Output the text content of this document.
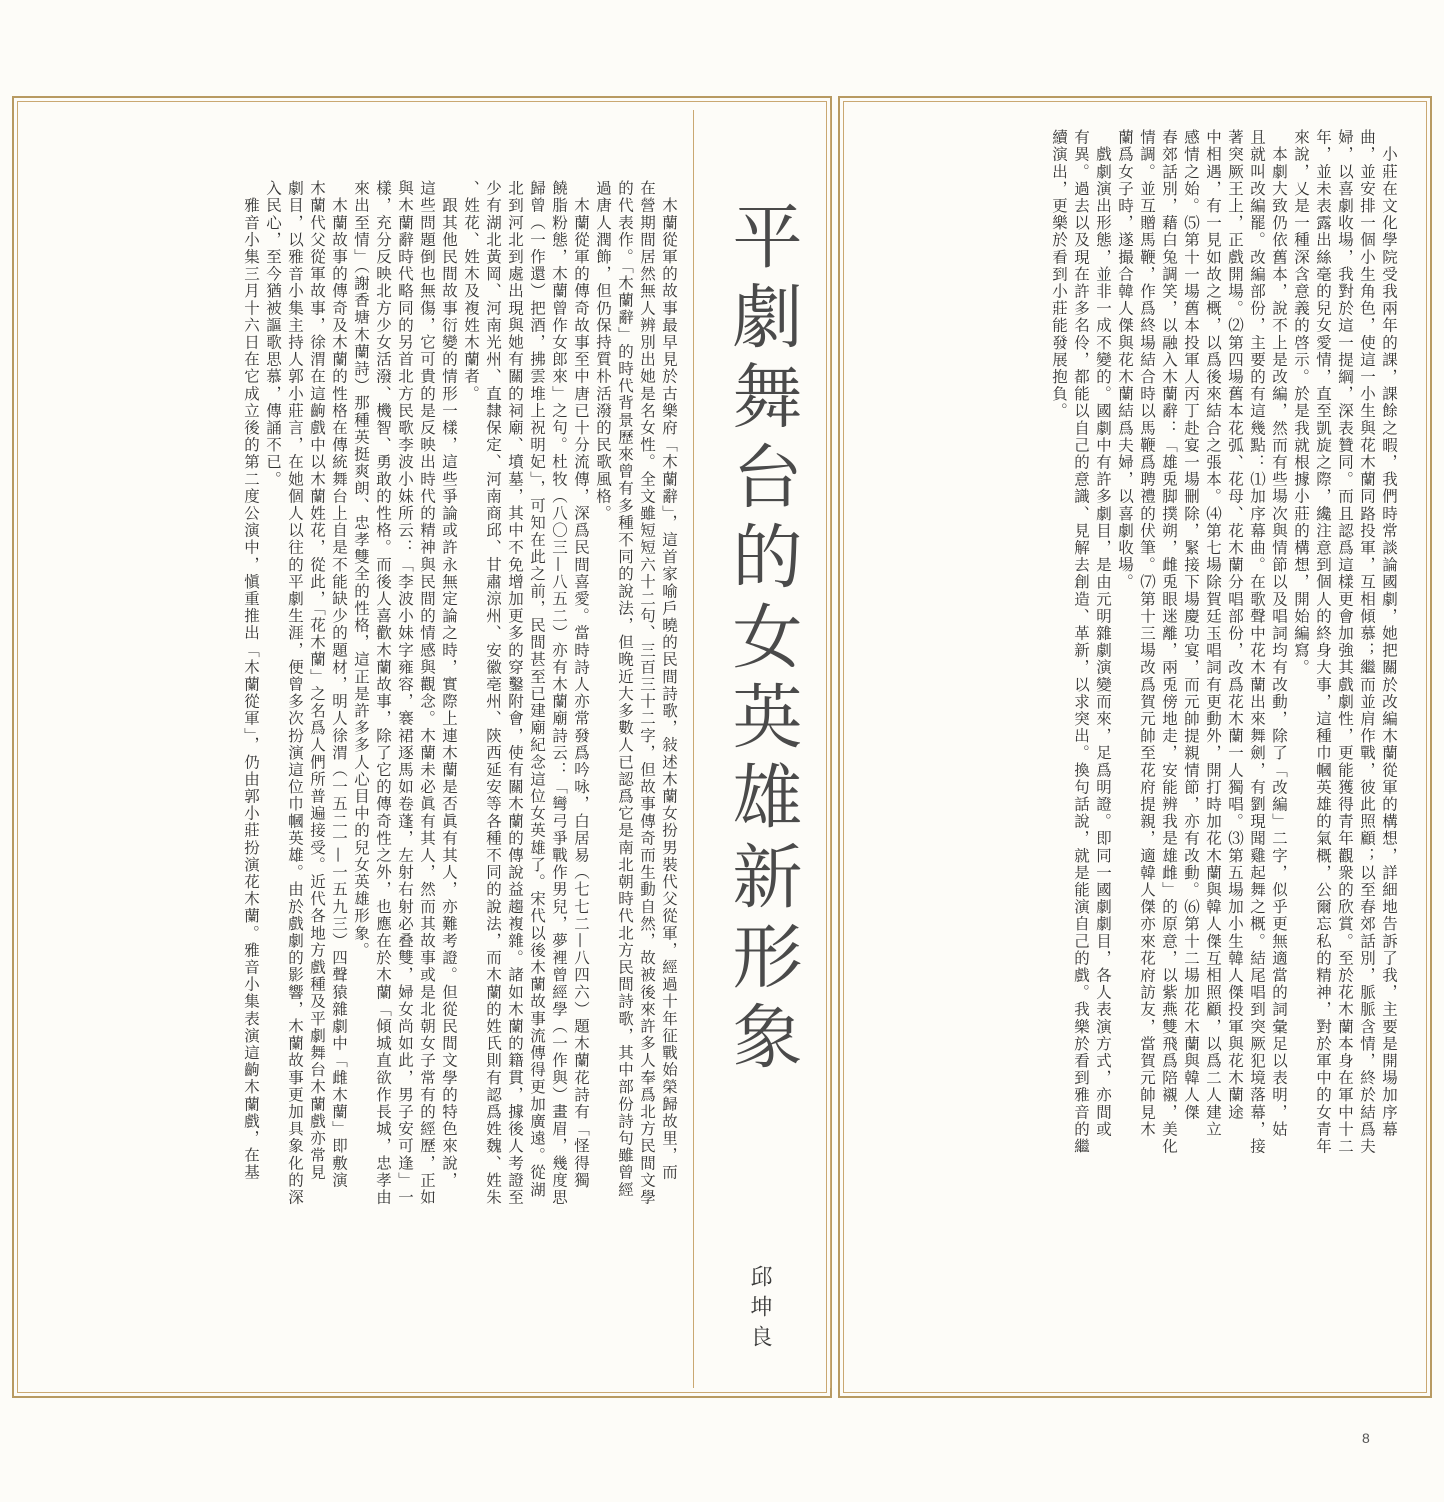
平劇舞台的女英雄新形象
邱坤良
　小莊在文化學院受我兩年的課，課餘之暇，我們時常談論國劇，她把關於改編木蘭從軍的構想，詳細地告訴了我，主要是開場加序幕
曲，並安排一個小生角色，使這一小生與花木蘭同路投軍，互相傾慕；繼而並肩作戰，彼此照顧；以至春郊話別，脈脈含情，終於結爲夫
婦，以喜劇收場，我對於這一提綱，深表贊同。而且認爲這樣更會加強其戲劇性，更能獲得青年觀衆的欣賞。至於花木蘭本身在軍中十二
年，並未表露出絲毫的兒女愛情，直至凱旋之際，纔注意到個人的終身大事，這種巾幗英雄的氣概，公爾忘私的精神，對於軍中的女青年
來說，乂是一種深含意義的啓示。於是我就根據小莊的構想，開始編寫。
　本劇大致仍依舊本，說不上是改編，然而有些場次與情節以及唱詞均有改動，除了「改編」二字，似乎更無適當的詞彙足以表明，姑
且就叫改編罷。改編部份，主要的有這幾點：⑴加序幕曲。在歌聲中花木蘭出來舞劍，有劉現聞雞起舞之概。結尾唱到突厥犯境落幕，接
著突厥王上，正戲開場。⑵第四場舊本花弧、花母、花木蘭分唱部份，改爲花木蘭一人獨唱。⑶第五場加小生韓人傑投軍與花木蘭途
中相遇，有一見如故之概，以爲後來結合之張本。⑷第七場除賀廷玉唱詞有更動外，開打時加花木蘭與韓人傑互相照顧，以爲二人建立
感情之始。⑸第十一場舊本投軍人丙丁赴宴一場刪除，緊接下場慶功宴，而元帥提親情節，亦有改動。⑹第十二場加花木蘭與韓人傑
春郊話別，藉白兔調笑，以融入木蘭辭：「雄兎脚撲朔，雌兎眼迷離，兩兎傍地走，安能辨我是雄雌」的原意，以紫燕雙飛爲陪襯，美化
情調。並互贈馬鞭，作爲終場結合時以馬鞭爲聘禮的伏筆。⑺第十三場改爲賀元帥至花府提親，適韓人傑亦來花府訪友，當賀元帥見木
蘭爲女子時，遂撮合韓人傑與花木蘭結爲夫婦，以喜劇收場。
　戲劇演出形態，並非一成不變的。國劇中有許多劇目，是由元明雜劇演變而來，足爲明證。即同一國劇劇目，各人表演方式，亦間或
有異。過去以及現在許多名伶，都能以自己的意識、見解去創造、革新，以求突出。換句話說，就是能演自己的戲。我樂於看到雅音的繼
續演出，更樂於看到小莊能發展抱負。
　木蘭從軍的故事最早見於古樂府「木蘭辭」，這首家喻戶曉的民間詩歌，敍述木蘭女扮男裝代父從軍，經過十年征戰始榮歸故里，而
在營期間居然無人辨別出她是名女性。全文雖短短六十二句、三百三十二字，但故事傳奇而生動自然，故被後來許多人奉爲北方民間文學
的代表作。「木蘭辭」的時代背景歷來曾有多種不同的說法，但晚近大多數人已認爲它是南北朝時代北方民間詩歌，其中部份詩句雖曾經
過唐人潤飾，但仍保持質朴活潑的民歌風格。
　木蘭從軍的傳奇故事至中唐已十分流傳，深爲民間喜愛。當時詩人亦常發爲吟咏，白居易（七七二—八四六）題木蘭花詩有「怪得獨
饒脂粉態，木蘭曾作女郎來」之句。杜牧（八〇三—八五二）亦有木蘭廟詩云：「彎弓爭戰作男兒，夢裡曾經學（一作與）畫眉，幾度思
歸曾（一作還）把酒，拂雲堆上祝明妃」，可知在此之前，民間甚至已建廟紀念這位女英雄了。宋代以後木蘭故事流傳得更加廣遠。從湖
北到河北到處出現與她有關的祠廟、墳墓，其中不免增加更多的穿鑿附會，使有關木蘭的傳說益趨複雜。諸如木蘭的籍貫，據後人考證至
少有湖北黃岡、河南光州、直隸保定、河南商邱、甘肅涼州、安徽亳州、陝西延安等各種不同的說法，而木蘭的姓氏則有認爲姓魏、姓朱
、姓花、姓木及複姓木蘭者。
　跟其他民間故事衍變的情形一樣，這些爭論或許永無定論之時，實際上連木蘭是否眞有其人，亦難考證。但從民間文學的特色來說，
這些問題倒也無傷，它可貴的是反映出時代的精神與民間的情感與觀念。木蘭未必眞有其人，然而其故事或是北朝女子常有的經歷，正如
與木蘭辭時代略同的另首北方民歌李波小妹所云：「李波小妹字雍容，褰裙逐馬如卷蓬，左射右射必叠雙，婦女尚如此，男子安可逢」一
樣，充分反映北方少女活潑、機智、勇敢的性格。而後人喜歡木蘭故事，除了它的傳奇性之外，也應在於木蘭「傾城直欲作長城，忠孝由
來出至情」（謝香塘木蘭詩）那種英挺爽朗、忠孝雙全的性格，這正是許多多人心目中的兒女英雄形象。
　木蘭故事的傳奇及木蘭的性格在傳統舞台上自是不能缺少的題材，明人徐渭（一五二一—一五九三）四聲猿雜劇中「雌木蘭」即敷演
木蘭代父從軍故事，徐渭在這齣戲中以木蘭姓花，從此，「花木蘭」之名爲人們所普遍接受。近代各地方戲種及平劇舞台木蘭戲亦常見
劇目，以雅音小集主持人郭小莊言，在她個人以往的平劇生涯，便曾多次扮演這位巾幗英雄。由於戲劇的影響，木蘭故事更加具象化的深
入民心，至今猶被謳歌思慕，傳誦不已。
　雅音小集三月十六日在它成立後的第二度公演中，愼重推出「木蘭從軍」，仍由郭小莊扮演花木蘭。雅音小集表演這齣木蘭戲，在基
8
